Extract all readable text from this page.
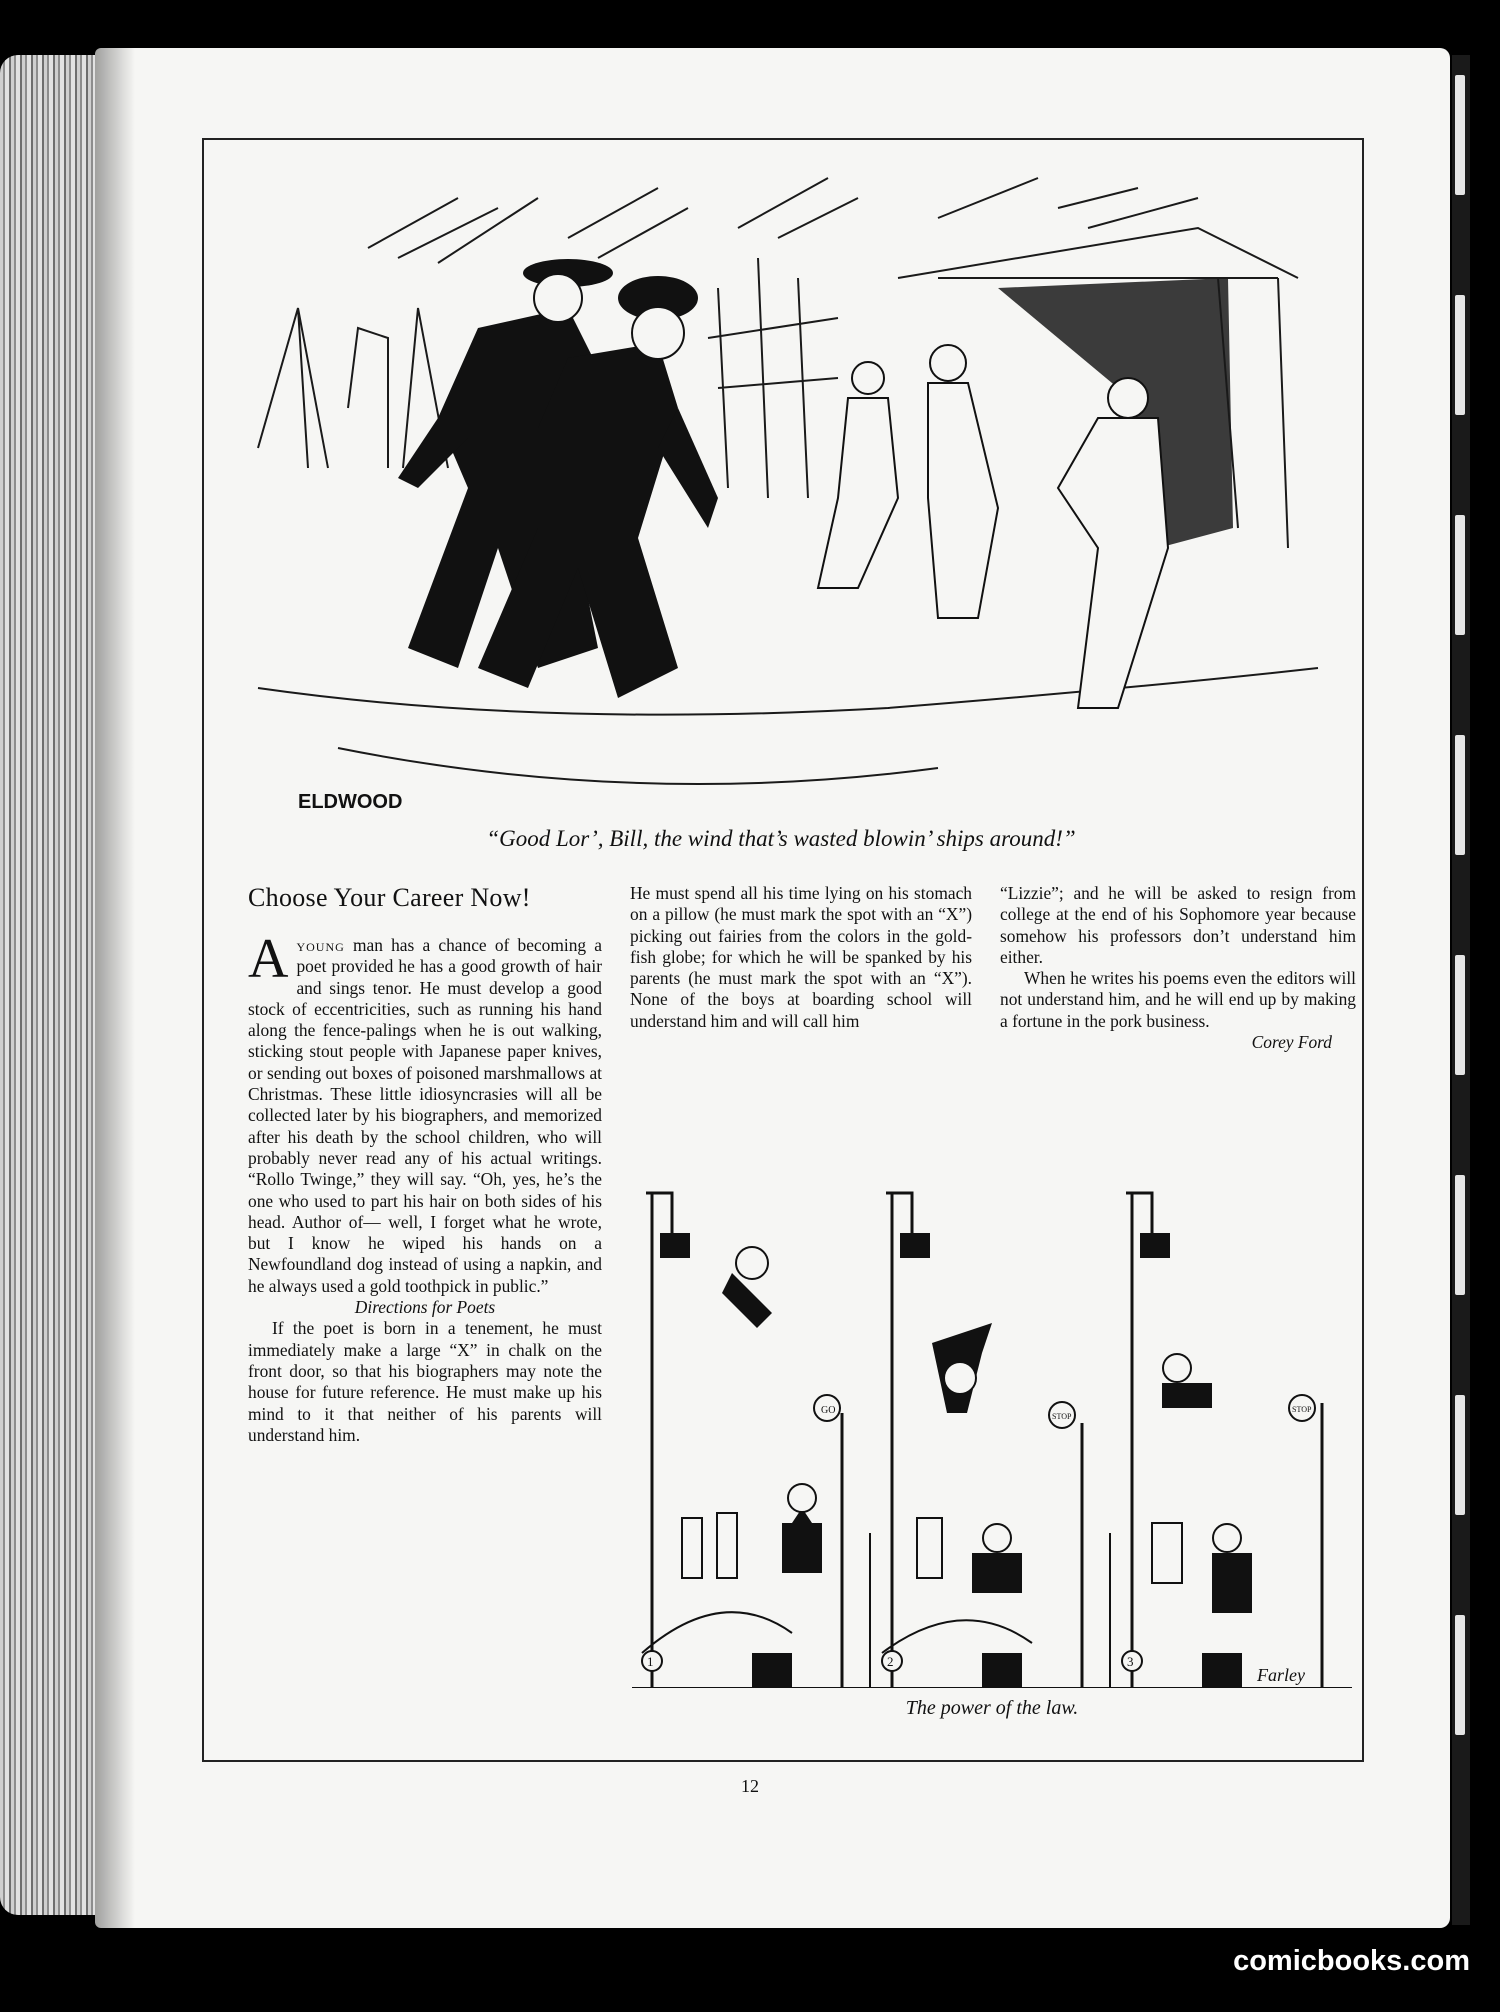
ELDWOOD
“Good Lor’, Bill, the wind that’s wasted blowin’ ships around!”
Choose Your Career Now!

Ayoung man has a chance of becoming a poet provided he has a good growth of hair and sings tenor. He must develop a good stock of eccentricities, such as running his hand along the fence-palings when he is out walking, sticking stout people with Japanese paper knives, or sending out boxes of poisoned marshmallows at Christmas. These little idiosyncrasies will all be collected later by his biographers, and memorized after his death by the school children, who will probably never read any of his actual writings. “Rollo Twinge,” they will say. “Oh, yes, he’s the one who used to part his hair on both sides of his head. Author of— well, I forget what he wrote, but I know he wiped his hands on a Newfoundland dog instead of using a napkin, and he always used a gold toothpick in public.”

Directions for Poets

If the poet is born in a tenement, he must immediately make a large “X” in chalk on the front door, so that his biographers may note the house for future reference. He must make up his mind to it that neither of his parents will understand him.

He must spend all his time lying on his stomach on a pillow (he must mark the spot with an “X”) picking out fairies from the colors in the gold-fish globe; for which he will be spanked by his parents (he must mark the spot with an “X”). None of the boys at boarding school will understand him and will call him

“Lizzie”; and he will be asked to resign from college at the end of his Sophomore year because somehow his professors don’t understand him either.

When he writes his poems even the editors will not understand him, and he will end up by making a fortune in the pork business.

Corey Ford

GO
1
STOP
2
STOP
Farley
3
The power of the law.
12
comicbooks.com
